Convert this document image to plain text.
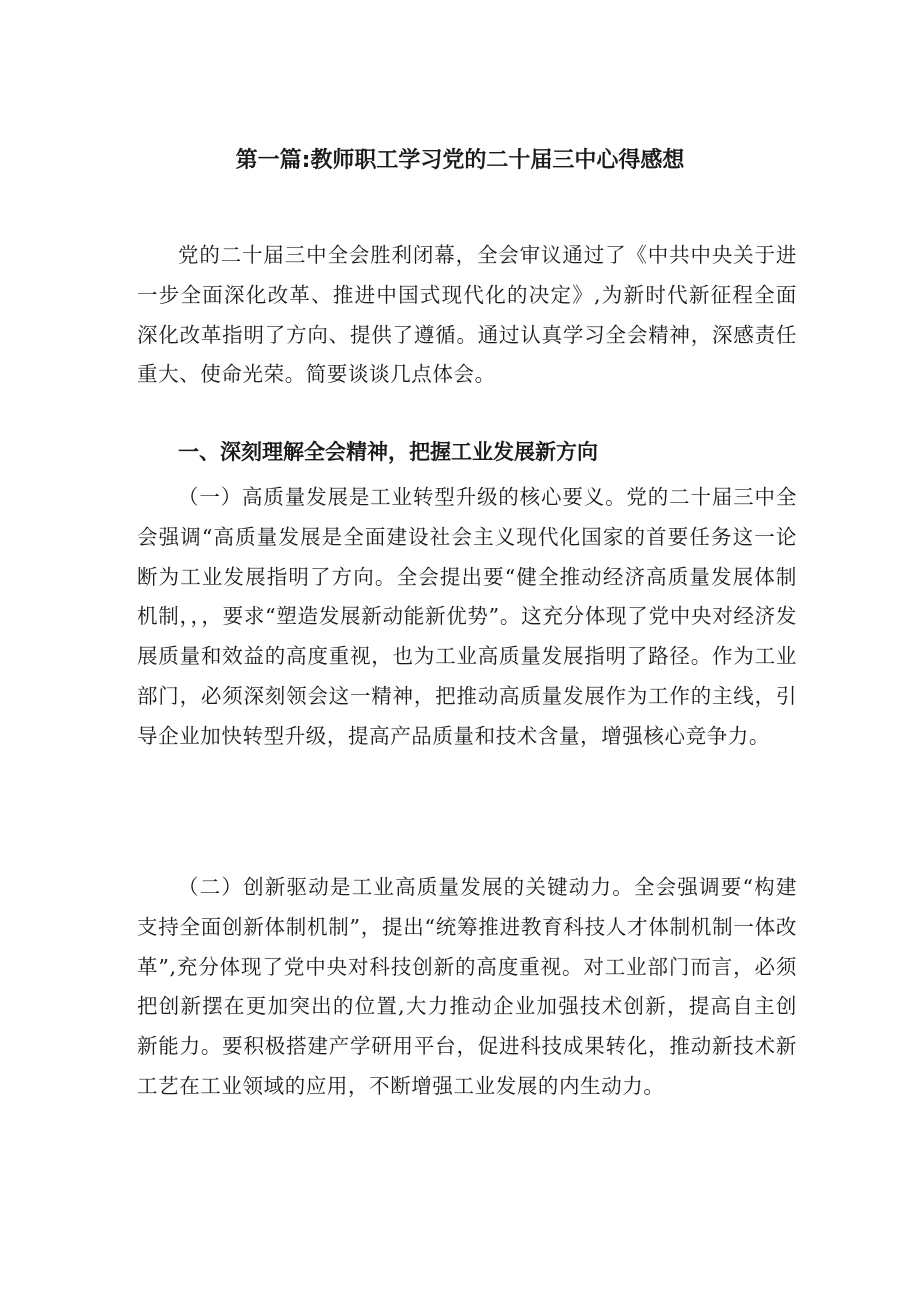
第一篇:教师职工学习党的二十届三中心得感想

党的二十届三中全会胜利闭幕，全会审议通过了《中共中央关于进一步全面深化改革、推进中国式现代化的决定》,为新时代新征程全面深化改革指明了方向、提供了遵循。通过认真学习全会精神，深感责任重大、使命光荣。简要谈谈几点体会。

一、深刻理解全会精神，把握工业发展新方向

（一）高质量发展是工业转型升级的核心要义。党的二十届三中全会强调“高质量发展是全面建设社会主义现代化国家的首要任务这一论断为工业发展指明了方向。全会提出要“健全推动经济高质量发展体制机制，，，要求“塑造发展新动能新优势”。这充分体现了党中央对经济发展质量和效益的高度重视，也为工业高质量发展指明了路径。作为工业部门，必须深刻领会这一精神，把推动高质量发展作为工作的主线，引导企业加快转型升级，提高产品质量和技术含量，增强核心竞争力。

（二）创新驱动是工业高质量发展的关键动力。全会强调要“构建支持全面创新体制机制”，提出“统筹推进教育科技人才体制机制一体改革”,充分体现了党中央对科技创新的高度重视。对工业部门而言，必须把创新摆在更加突出的位置,大力推动企业加强技术创新，提高自主创新能力。要积极搭建产学研用平台，促进科技成果转化，推动新技术新工艺在工业领域的应用，不断增强工业发展的内生动力。
